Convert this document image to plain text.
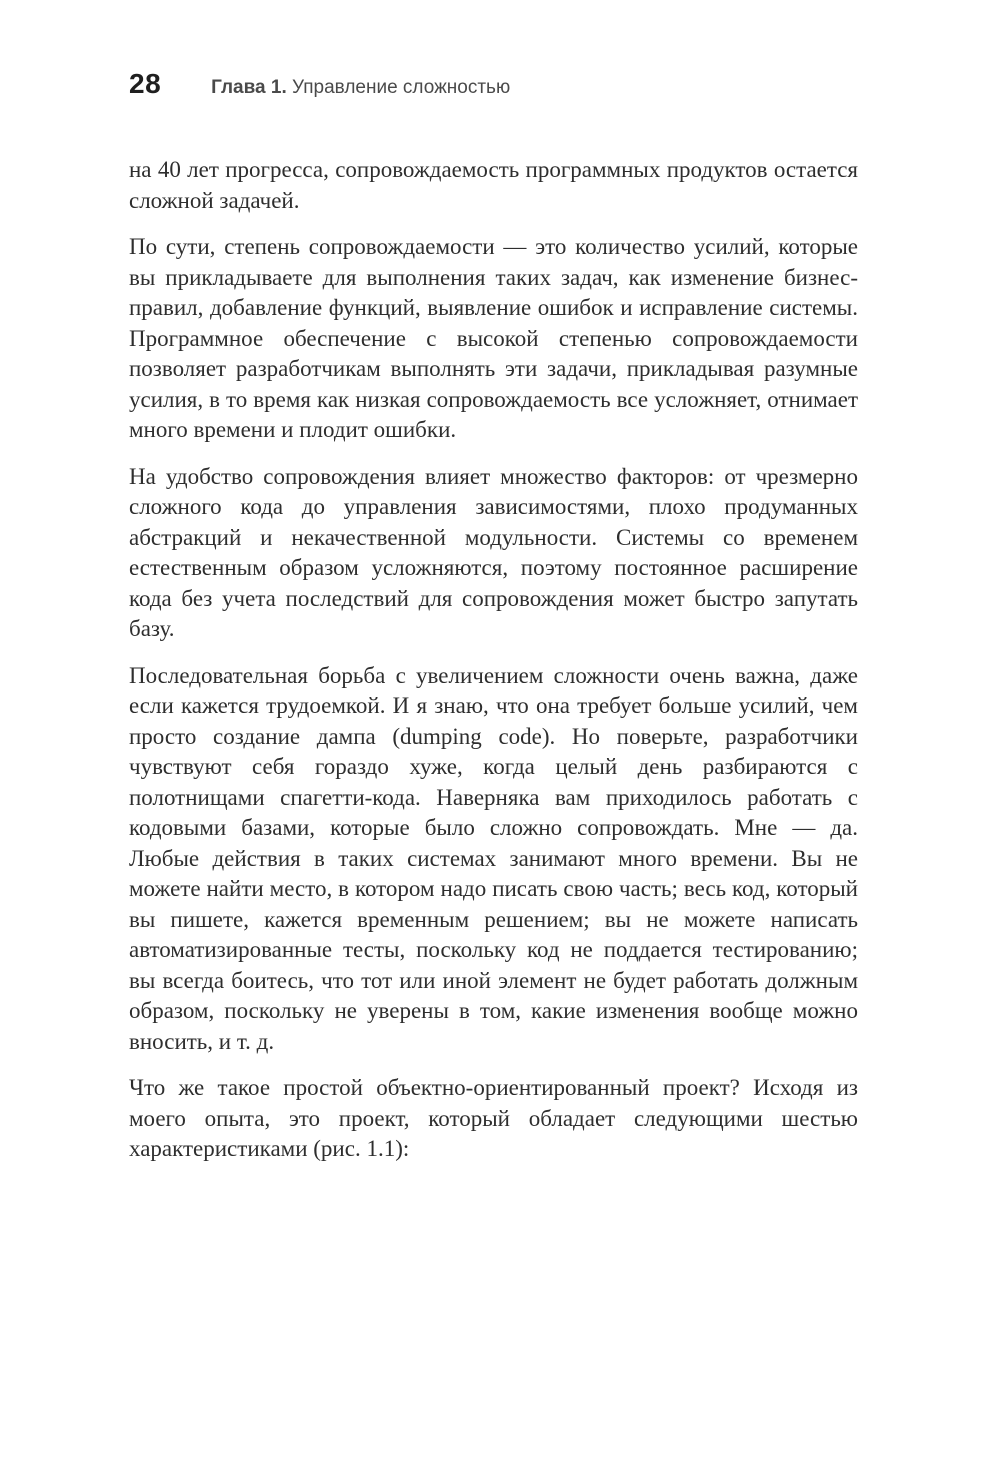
28	Глава 1. Управление сложностью

на 40 лет прогресса, сопровождаемость программных продуктов остается сложной задачей.

По сути, степень сопровождаемости — это количество усилий, которые вы прикладываете для выполнения таких задач, как изменение бизнес-правил, добавление функций, выявление ошибок и исправление системы. Программное обеспечение с высокой степенью сопровождаемости позволяет разработчикам выполнять эти задачи, прикладывая разумные усилия, в то время как низкая сопровождаемость все усложняет, отнимает много времени и плодит ошибки.

На удобство сопровождения влияет множество факторов: от чрезмерно сложного кода до управления зависимостями, плохо продуманных абстракций и некачественной модульности. Системы со временем естественным образом усложняются, поэтому постоянное расширение кода без учета последствий для сопровождения может быстро запутать базу.

Последовательная борьба с увеличением сложности очень важна, даже если кажется трудоемкой. И я знаю, что она требует больше усилий, чем просто создание дампа (dumping code). Но поверьте, разработчики чувствуют себя гораздо хуже, когда целый день разбираются с полотнищами спагетти-кода. Наверняка вам приходилось работать с кодовыми базами, которые было сложно сопровождать. Мне — да. Любые действия в таких системах занимают много времени. Вы не можете найти место, в котором надо писать свою часть; весь код, который вы пишете, кажется временным решением; вы не можете написать автоматизированные тесты, поскольку код не поддается тестированию; вы всегда боитесь, что тот или иной элемент не будет работать должным образом, поскольку не уверены в том, какие изменения вообще можно вносить, и т. д.

Что же такое простой объектно-ориентированный проект? Исходя из моего опыта, это проект, который обладает следующими шестью характеристиками (рис. 1.1):
